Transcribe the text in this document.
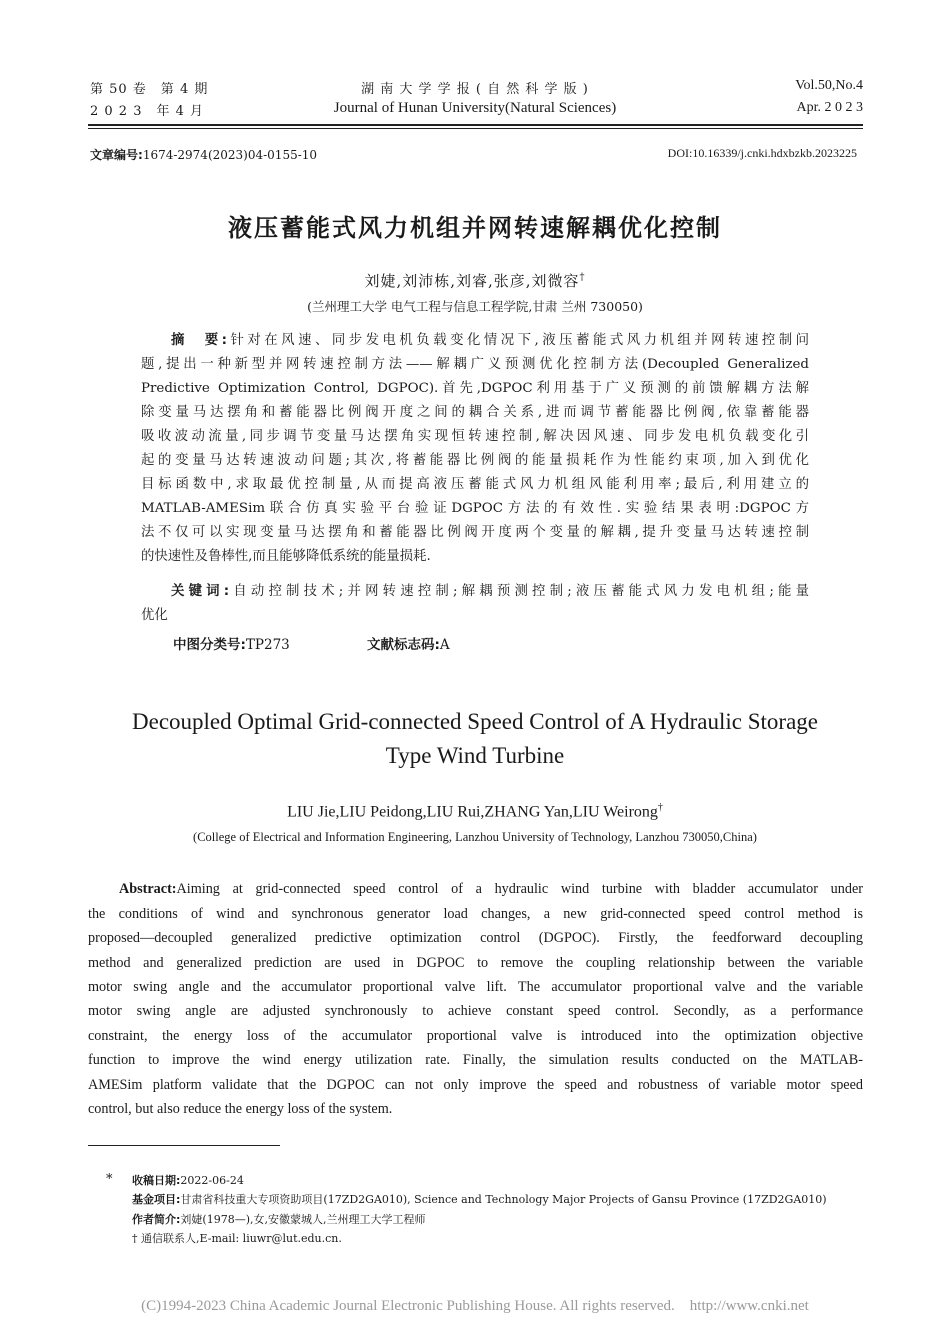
第 50 卷　第 4 期
2 0 2 3　年 4 月
湖 南 大 学 学 报 ( 自 然 科 学 版 )
Journal of Hunan University(Natural Sciences)
Vol.50,No.4
Apr. 2 0 2 3
文章编号:1674-2974(2023)04-0155-10	DOI:10.16339/j.cnki.hdxbzkb.2023225
液压蓄能式风力机组并网转速解耦优化控制
刘婕,刘沛栋,刘睿,张彦,刘微容†
(兰州理工大学 电气工程与信息工程学院,甘肃 兰州 730050)
摘　要:针对在风速、同步发电机负载变化情况下,液压蓄能式风力机组并网转速控制问
题,提出一种新型并网转速控制方法——解耦广义预测优化控制方法(Decoupled Generalized
Predictive Optimization Control, DGPOC).首先,DGPOC利用基于广义预测的前馈解耦方法解
除变量马达摆角和蓄能器比例阀开度之间的耦合关系,进而调节蓄能器比例阀,依靠蓄能器
吸收波动流量,同步调节变量马达摆角实现恒转速控制,解决因风速、同步发电机负载变化引
起的变量马达转速波动问题;其次,将蓄能器比例阀的能量损耗作为性能约束项,加入到优化
目标函数中,求取最优控制量,从而提高液压蓄能式风力机组风能利用率;最后,利用建立的
MATLAB-AMESim联合仿真实验平台验证DGPOC方法的有效性.实验结果表明:DGPOC方
法不仅可以实现变量马达摆角和蓄能器比例阀开度两个变量的解耦,提升变量马达转速控制
的快速性及鲁棒性,而且能够降低系统的能量损耗.
关键词:自动控制技术;并网转速控制;解耦预测控制;液压蓄能式风力发电机组;能量
优化
中图分类号:TP273	文献标志码:A
Decoupled Optimal Grid-connected Speed Control of A Hydraulic Storage
Type Wind Turbine
LIU Jie,LIU Peidong,LIU Rui,ZHANG Yan,LIU Weirong†
(College of Electrical and Information Engineering, Lanzhou University of Technology, Lanzhou 730050,China)
Abstract:Aiming at grid-connected speed control of a hydraulic wind turbine with bladder accumulator under
the conditions of wind and synchronous generator load changes, a new grid-connected speed control method is
proposed—decoupled generalized predictive optimization control (DGPOC). Firstly, the feedforward decoupling
method and generalized prediction are used in DGPOC to remove the coupling relationship between the variable
motor swing angle and the accumulator proportional valve lift. The accumulator proportional valve and the variable
motor swing angle are adjusted synchronously to achieve constant speed control. Secondly, as a performance
constraint, the energy loss of the accumulator proportional valve is introduced into the optimization objective
function to improve the wind energy utilization rate. Finally, the simulation results conducted on the MATLAB-
AMESim platform validate that the DGPOC can not only improve the speed and robustness of variable motor speed
control, but also reduce the energy loss of the system.
* 收稿日期:2022-06-24
基金项目:甘肃省科技重大专项资助项目(17ZD2GA010), Science and Technology Major Projects of Gansu Province (17ZD2GA010)
作者简介:刘婕(1978—),女,安徽蒙城人,兰州理工大学工程师
† 通信联系人,E-mail: liuwr@lut.edu.cn.
(C)1994-2023 China Academic Journal Electronic Publishing House. All rights reserved.    http://www.cnki.net
